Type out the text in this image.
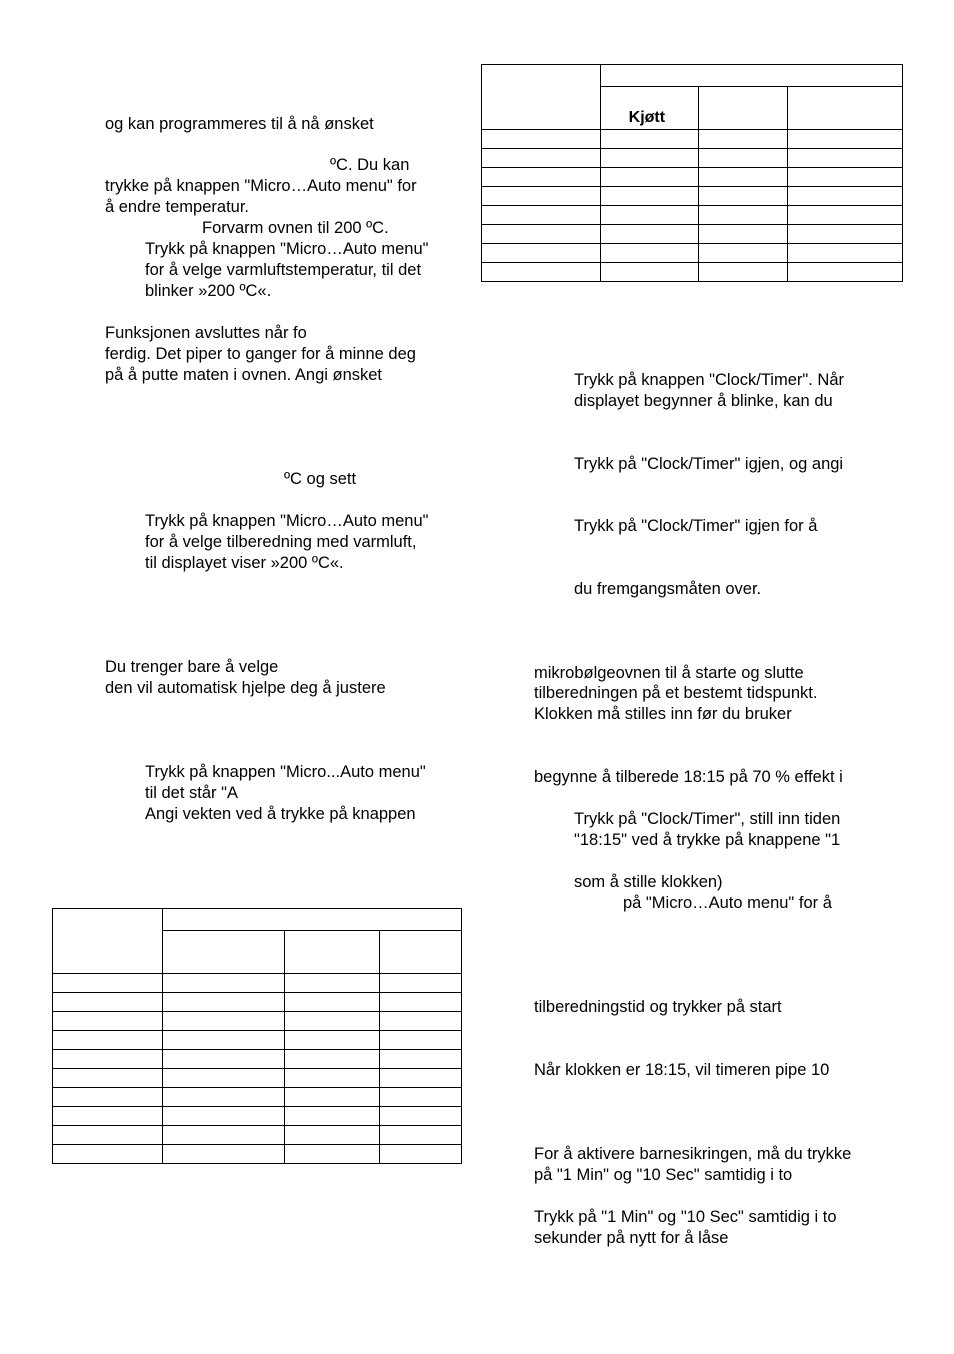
og kan programmeres til å nå ønsket
ºC. Du kan
trykke på knappen "Micro…Auto menu" for
å endre temperatur.
Forvarm ovnen til 200 ºC.
Trykk på knappen "Micro…Auto menu"
for å velge varmluftstemperatur, til det
blinker »200 ºC«.
Funksjonen avsluttes når fo
ferdig. Det piper to ganger for å minne deg
på å putte maten i ovnen. Angi ønsket
ºC og sett
Trykk på knappen "Micro…Auto menu"
for å velge tilberedning med varmluft,
til displayet viser »200 ºC«.
Du trenger bare å velge
den vil automatisk hjelpe deg å justere
Trykk på knappen "Micro...Auto menu"
til det står "A
Angi vekten ved å trykke på knappen
Trykk på knappen "Clock/Timer". Når
displayet begynner å blinke, kan du
Trykk på "Clock/Timer" igjen, og angi
Trykk på "Clock/Timer" igjen for å
du fremgangsmåten over.
mikrobølgeovnen til å starte og slutte
tilberedningen på et bestemt tidspunkt.
Klokken må stilles inn før du bruker
begynne å tilberede 18:15 på 70 % effekt i
Trykk på "Clock/Timer", still inn tiden
"18:15" ved å trykke på knappene "1
som å stille klokken)
på "Micro…Auto menu" for å
tilberedningstid og trykker på start
Når klokken er 18:15, vil timeren pipe 10
For å aktivere barnesikringen, må du trykke
på "1 Min" og "10 Sec" samtidig i to
Trykk på "1 Min" og "10 Sec" samtidig i to
sekunder på nytt for å låse

	Kjøtt		
